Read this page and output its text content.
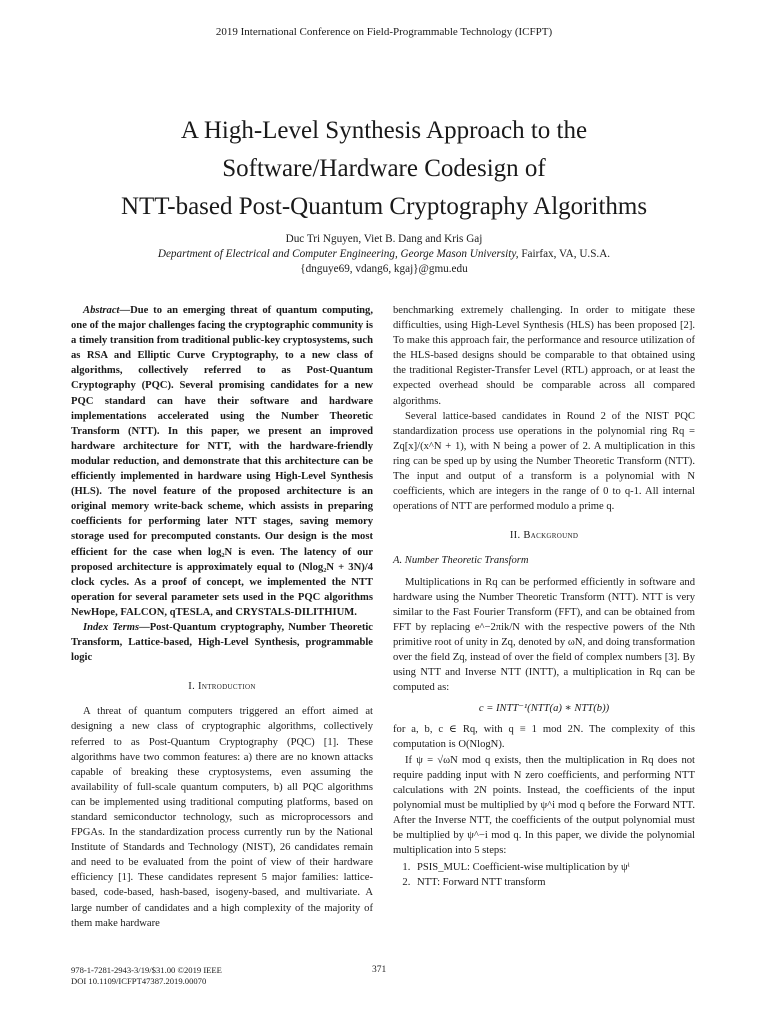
2019 International Conference on Field-Programmable Technology (ICFPT)
A High-Level Synthesis Approach to the
Software/Hardware Codesign of
NTT-based Post-Quantum Cryptography Algorithms
Duc Tri Nguyen, Viet B. Dang and Kris Gaj
Department of Electrical and Computer Engineering, George Mason University, Fairfax, VA, U.S.A.
{dnguye69, vdang6, kgaj}@gmu.edu

Abstract—Due to an emerging threat of quantum computing, one of the major challenges facing the cryptographic community is a timely transition from traditional public-key cryptosystems, such as RSA and Elliptic Curve Cryptography, to a new class of algorithms, collectively referred to as Post-Quantum Cryptography (PQC). Several promising candidates for a new PQC standard can have their software and hardware implementations accelerated using the Number Theoretic Transform (NTT). In this paper, we present an improved hardware architecture for NTT, with the hardware-friendly modular reduction, and demonstrate that this architecture can be efficiently implemented in hardware using High-Level Synthesis (HLS). The novel feature of the proposed architecture is an original memory write-back scheme, which assists in preparing coefficients for performing later NTT stages, saving memory storage used for precomputed constants. Our design is the most efficient for the case when log₂N is even. The latency of our proposed architecture is approximately equal to (Nlog₂N + 3N)/4 clock cycles. As a proof of concept, we implemented the NTT operation for several parameter sets used in the PQC algorithms NewHope, FALCON, qTESLA, and CRYSTALS-DILITHIUM.

Index Terms—Post-Quantum cryptography, Number Theoretic Transform, Lattice-based, High-Level Synthesis, programmable logic

I. Introduction

A threat of quantum computers triggered an effort aimed at designing a new class of cryptographic algorithms, collectively referred to as Post-Quantum Cryptography (PQC) [1]. These algorithms have two common features: a) there are no known attacks capable of breaking these cryptosystems, even assuming the availability of full-scale quantum computers, b) all PQC algorithms can be implemented using traditional computing platforms, based on standard semiconductor technology, such as microprocessors and FPGAs. In the standardization process currently run by the National Institute of Standards and Technology (NIST), 26 candidates remain and need to be evaluated from the point of view of their hardware efficiency [1]. These candidates represent 5 major families: lattice-based, code-based, hash-based, isogeny-based, and multivariate. A large number of candidates and a high complexity of the majority of them make hardware

benchmarking extremely challenging. In order to mitigate these difficulties, using High-Level Synthesis (HLS) has been proposed [2]. To make this approach fair, the performance and resource utilization of the HLS-based designs should be comparable to that obtained using the traditional Register-Transfer Level (RTL) approach, or at least the expected overhead should be comparable across all compared algorithms.

Several lattice-based candidates in Round 2 of the NIST PQC standardization process use operations in the polynomial ring Rq = Zq[x]/(x^N + 1), with N being a power of 2. A multiplication in this ring can be sped up by using the Number Theoretic Transform (NTT). The input and output of a transform is a polynomial with N coefficients, which are integers in the range of 0 to q-1. All internal operations of NTT are performed modulo a prime q.

II. Background

A. Number Theoretic Transform

Multiplications in Rq can be performed efficiently in software and hardware using the Number Theoretic Transform (NTT). NTT is very similar to the Fast Fourier Transform (FFT), and can be obtained from FFT by replacing e^−2πik/N with the respective powers of the Nth primitive root of unity in Zq, denoted by ωN, and doing transformation over the field Zq, instead of over the field of complex numbers [3]. By using NTT and Inverse NTT (INTT), a multiplication in Rq can be computed as:

c = INTT⁻¹(NTT(a) ∗ NTT(b))

for a, b, c ∈ Rq, with q ≡ 1 mod 2N. The complexity of this computation is O(NlogN).

If ψ = √ωN mod q exists, then the multiplication in Rq does not require padding input with N zero coefficients, and performing NTT calculations with 2N points. Instead, the coefficients of the input polynomial must be multiplied by ψ^i mod q before the Forward NTT. After the Inverse NTT, the coefficients of the output polynomial must be multiplied by ψ^−i mod q. In this paper, we divide the polynomial multiplication into 5 steps:

1. PSIS_MUL: Coefficient-wise multiplication by ψⁱ
2. NTT: Forward NTT transform
978-1-7281-2943-3/19/$31.00 ©2019 IEEE
DOI 10.1109/ICFPT47387.2019.00070
371
